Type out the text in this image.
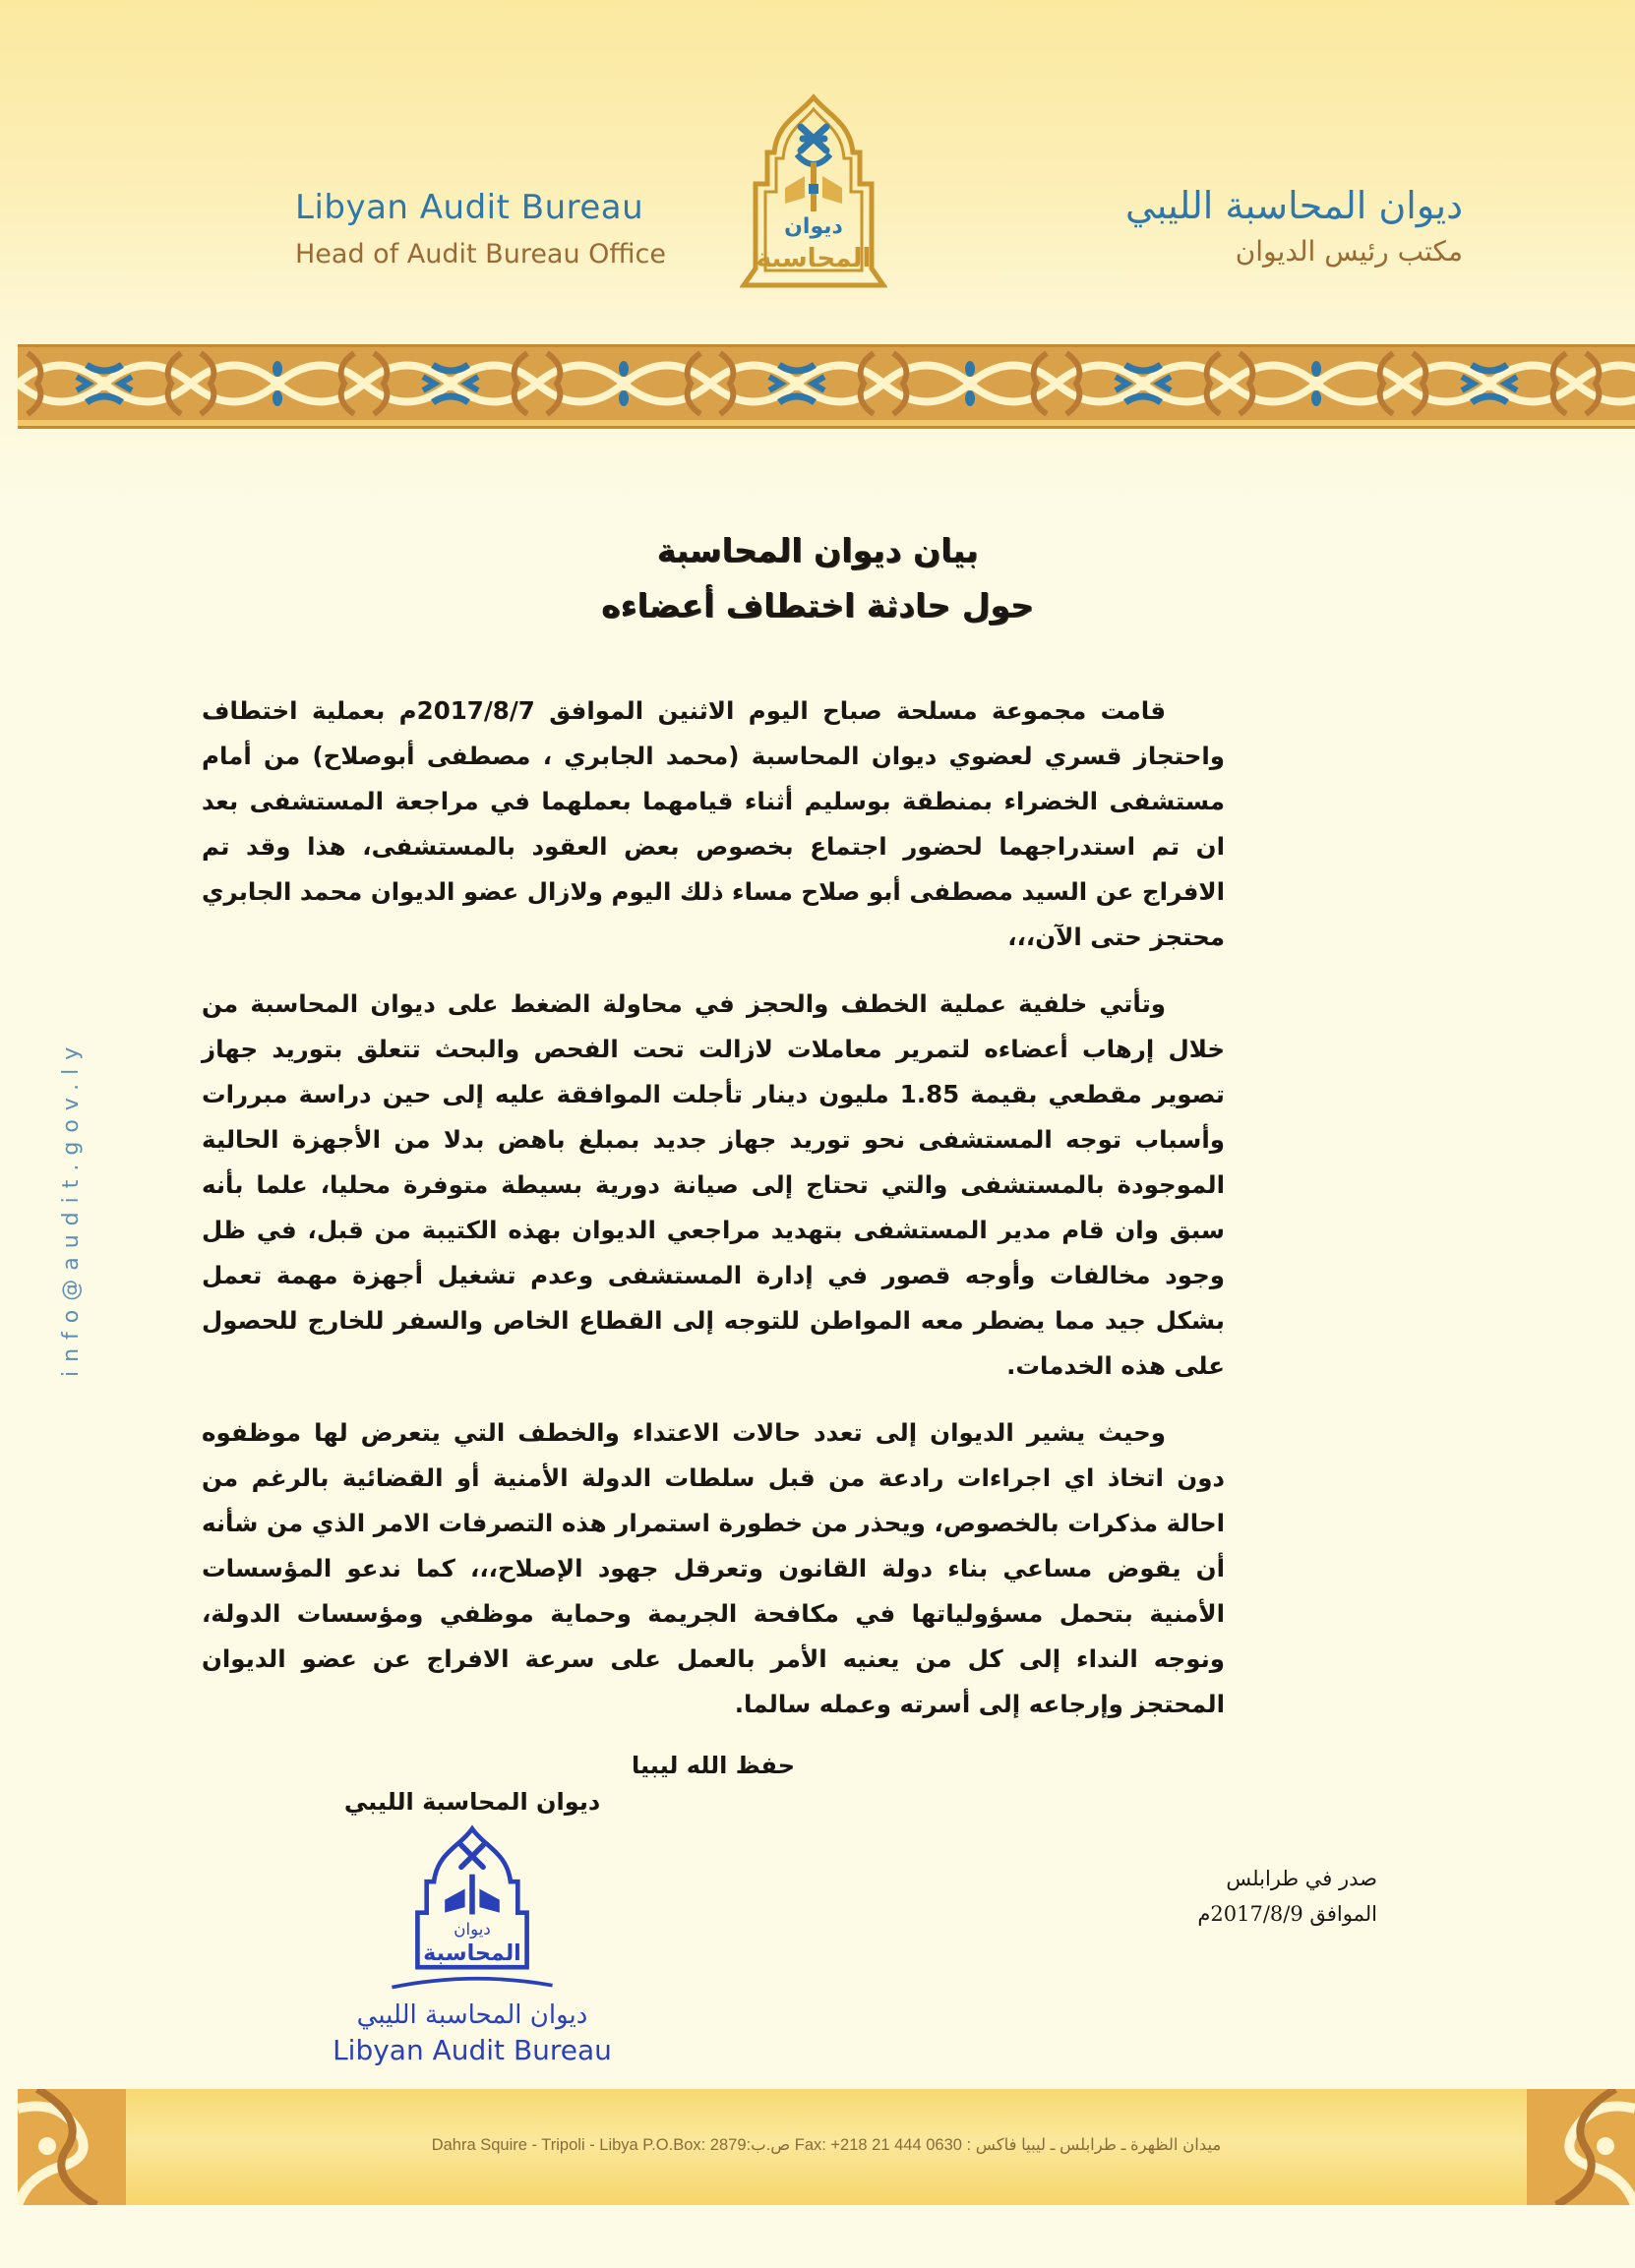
Libyan Audit Bureau
Head of Audit Bureau Office
ديوان
المحاسبة
ديوان المحاسبة الليبي
مكتب رئيس الديوان
info@audit.gov.ly
بيان ديوان المحاسبة
حول حادثة اختطاف أعضاءه

قامت مجموعة مسلحة صباح اليوم الاثنين الموافق 2017/8/7م بعملية اختطاف واحتجاز قسري لعضوي ديوان المحاسبة (محمد الجابري ، مصطفى أبوصلاح) من أمام مستشفى الخضراء بمنطقة بوسليم أثناء قيامهما بعملهما في مراجعة المستشفى بعد ان تم استدراجهما لحضور اجتماع بخصوص بعض العقود بالمستشفى، هذا وقد تم الافراج عن السيد مصطفى أبو صلاح مساء ذلك اليوم ولازال عضو الديوان محمد الجابري محتجز حتى الآن،،،

وتأتي خلفية عملية الخطف والحجز في محاولة الضغط على ديوان المحاسبة من خلال إرهاب أعضاءه لتمرير معاملات لازالت تحت الفحص والبحث تتعلق بتوريد جهاز تصوير مقطعي بقيمة 1.85 مليون دينار تأجلت الموافقة عليه إلى حين دراسة مبررات وأسباب توجه المستشفى نحو توريد جهاز جديد بمبلغ باهض بدلا من الأجهزة الحالية الموجودة بالمستشفى والتي تحتاج إلى صيانة دورية بسيطة متوفرة محليا، علما بأنه سبق وان قام مدير المستشفى بتهديد مراجعي الديوان بهذه الكتيبة من قبل، في ظل وجود مخالفات وأوجه قصور في إدارة المستشفى وعدم تشغيل أجهزة مهمة تعمل بشكل جيد مما يضطر معه المواطن للتوجه إلى القطاع الخاص والسفر للخارج للحصول على هذه الخدمات.

وحيث يشير الديوان إلى تعدد حالات الاعتداء والخطف التي يتعرض لها موظفوه دون اتخاذ اي اجراءات رادعة من قبل سلطات الدولة الأمنية أو القضائية بالرغم من احالة مذكرات بالخصوص، ويحذر من خطورة استمرار هذه التصرفات الامر الذي من شأنه أن يقوض مساعي بناء دولة القانون وتعرقل جهود الإصلاح،،، كما ندعو المؤسسات الأمنية بتحمل مسؤولياتها في مكافحة الجريمة وحماية موظفي ومؤسسات الدولة، ونوجه النداء إلى كل من يعنيه الأمر بالعمل على سرعة الافراج عن عضو الديوان المحتجز وإرجاعه إلى أسرته وعمله سالما.

حفظ الله ليبيا
ديوان المحاسبة الليبي
ديوان
المحاسبة
ديوان المحاسبة الليبي
Libyan Audit Bureau
صدر في طرابلس
الموافق 2017/8/9م
Dahra Squire - Tripoli - Libya P.O.Box: 2879ص.ب: Fax: +218 21 444 0630 ميدان الظهرة ـ طرابلس ـ ليبيا فاكس :
